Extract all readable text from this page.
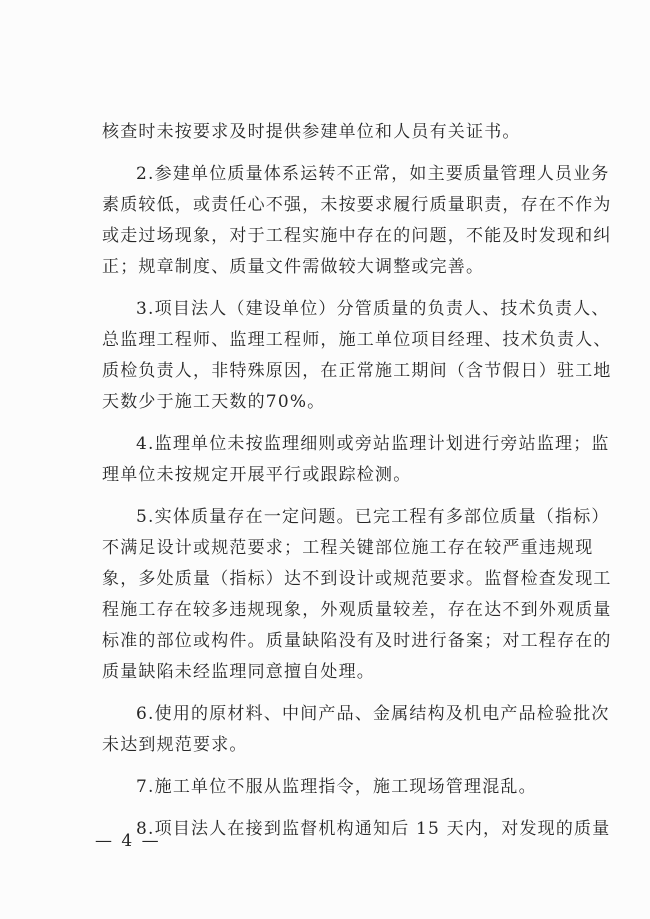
核查时未按要求及时提供参建单位和人员有关证书。
2.参建单位质量体系运转不正常，如主要质量管理人员业务
素质较低，或责任心不强，未按要求履行质量职责，存在不作为
或走过场现象，对于工程实施中存在的问题，不能及时发现和纠
正；规章制度、质量文件需做较大调整或完善。
3.项目法人（建设单位）分管质量的负责人、技术负责人、
总监理工程师、监理工程师，施工单位项目经理、技术负责人、
质检负责人，非特殊原因，在正常施工期间（含节假日）驻工地
天数少于施工天数的70%。
4.监理单位未按监理细则或旁站监理计划进行旁站监理；监
理单位未按规定开展平行或跟踪检测。
5.实体质量存在一定问题。已完工程有多部位质量（指标）
不满足设计或规范要求；工程关键部位施工存在较严重违规现
象，多处质量（指标）达不到设计或规范要求。监督检查发现工
程施工存在较多违规现象，外观质量较差，存在达不到外观质量
标准的部位或构件。质量缺陷没有及时进行备案；对工程存在的
质量缺陷未经监理同意擅自处理。
6.使用的原材料、中间产品、金属结构及机电产品检验批次
未达到规范要求。
7.施工单位不服从监理指令，施工现场管理混乱。
8.项目法人在接到监督机构通知后 15 天内，对发现的质量
— 4 —
